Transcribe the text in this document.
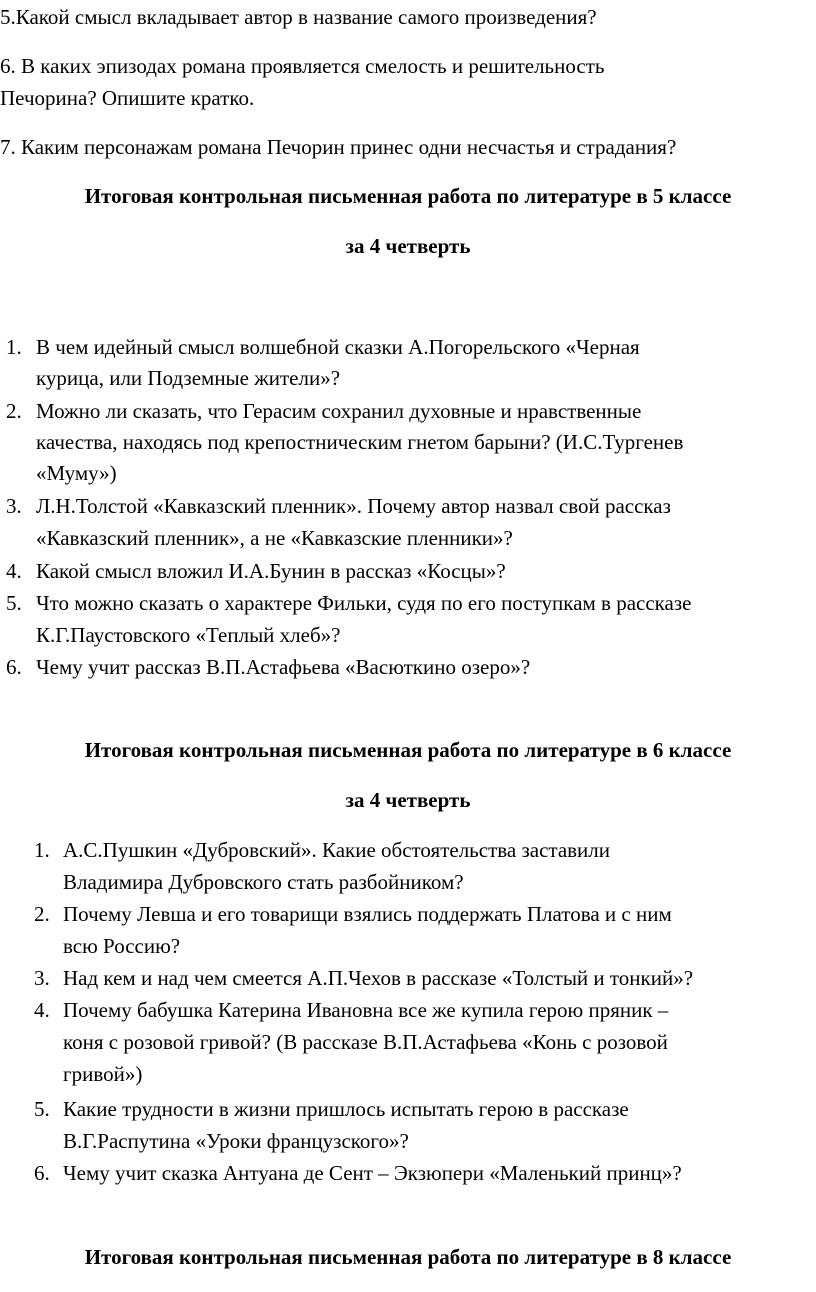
5.Какой смысл вкладывает автор в название самого произведения?
6. В каких эпизодах романа проявляется смелость и решительность
Печорина? Опишите кратко.
7. Каким персонажам романа Печорин принес одни несчастья и страдания?
Итоговая контрольная письменная работа по литературе в 5 классе
за 4 четверть
1. В чем идейный смысл волшебной сказки А.Погорельского «Черная
курица, или Подземные жители»?
2. Можно ли сказать, что Герасим сохранил духовные и нравственные
качества, находясь под крепостническим гнетом барыни? (И.С.Тургенев
«Муму»)
3. Л.Н.Толстой «Кавказский пленник». Почему автор назвал свой рассказ
«Кавказский пленник», а не «Кавказские пленники»?
4. Какой смысл вложил И.А.Бунин в рассказ «Косцы»?
5. Что можно сказать о характере Фильки, судя по его поступкам в рассказе
К.Г.Паустовского «Теплый хлеб»?
6. Чему учит рассказ В.П.Астафьева «Васюткино озеро»?
Итоговая контрольная письменная работа по литературе в 6 классе
за 4 четверть
1. А.С.Пушкин «Дубровский». Какие обстоятельства заставили
Владимира Дубровского стать разбойником?
2. Почему Левша и его товарищи взялись поддержать Платова и с ним
всю Россию?
3. Над кем и над чем смеется А.П.Чехов в рассказе «Толстый и тонкий»?
4. Почему бабушка Катерина Ивановна все же купила герою пряник –
коня с розовой гривой? (В рассказе В.П.Астафьева «Конь с розовой
гривой»)
5. Какие трудности в жизни пришлось испытать герою в рассказе
В.Г.Распутина «Уроки французского»?
6. Чему учит сказка Антуана де Сент – Экзюпери «Маленький принц»?
Итоговая контрольная письменная работа по литературе в 8 классе
